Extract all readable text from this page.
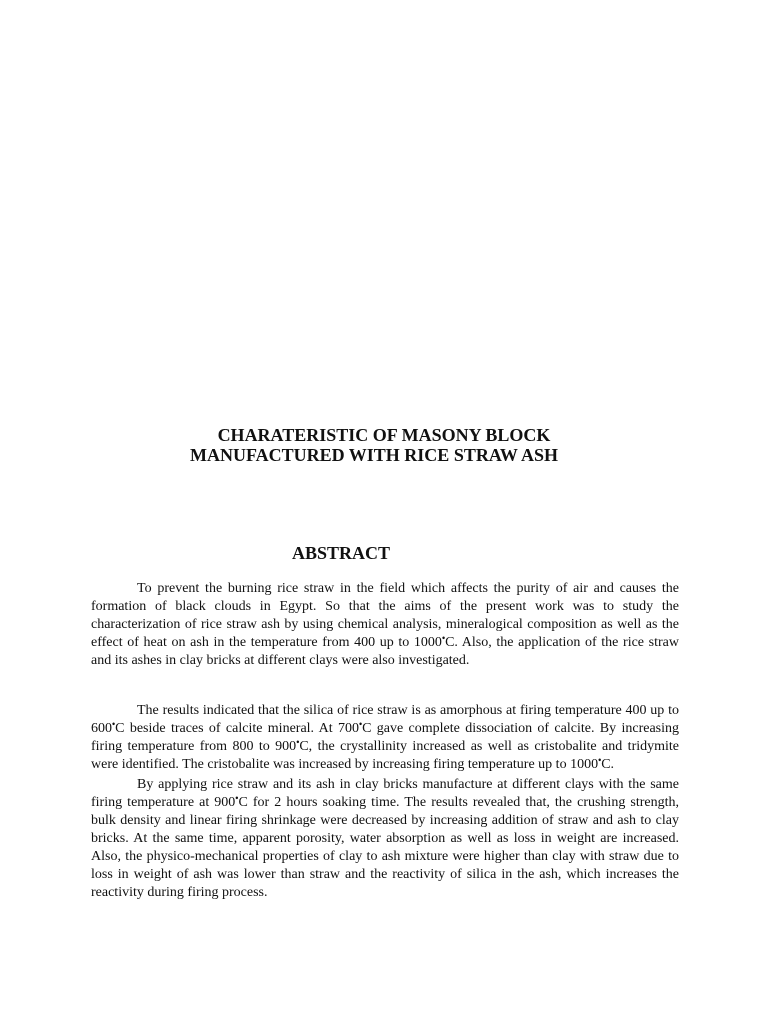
CHARATERISTIC OF MASONY BLOCK
MANUFACTURED WITH RICE STRAW ASH
ABSTRACT

To prevent the burning rice straw in the field which affects the purity of air and causes the formation of black clouds in Egypt. So that the aims of the present work was to study the characterization of rice straw ash by using chemical analysis, mineralogical composition as well as the effect of heat on ash in the temperature from 400 up to 1000•C. Also, the application of the rice straw and its ashes in clay bricks at different clays were also investigated.

The results indicated that the silica of rice straw is as amorphous at firing temperature 400 up to 600•C beside traces of calcite mineral. At 700•C gave complete dissociation of calcite. By increasing firing temperature from 800 to 900•C, the crystallinity increased as well as cristobalite and tridymite were identified. The cristobalite was increased by increasing firing temperature up to 1000•C.

By applying rice straw and its ash in clay bricks manufacture at different clays with the same firing temperature at 900•C for 2 hours soaking time. The results revealed that, the crushing strength, bulk density and linear firing shrinkage were decreased by increasing addition of straw and ash to clay bricks. At the same time, apparent porosity, water absorption as well as loss in weight are increased. Also, the physico-mechanical properties of clay to ash mixture were higher than clay with straw due to loss in weight of ash was lower than straw and the reactivity of silica in the ash, which increases the reactivity during firing process.
